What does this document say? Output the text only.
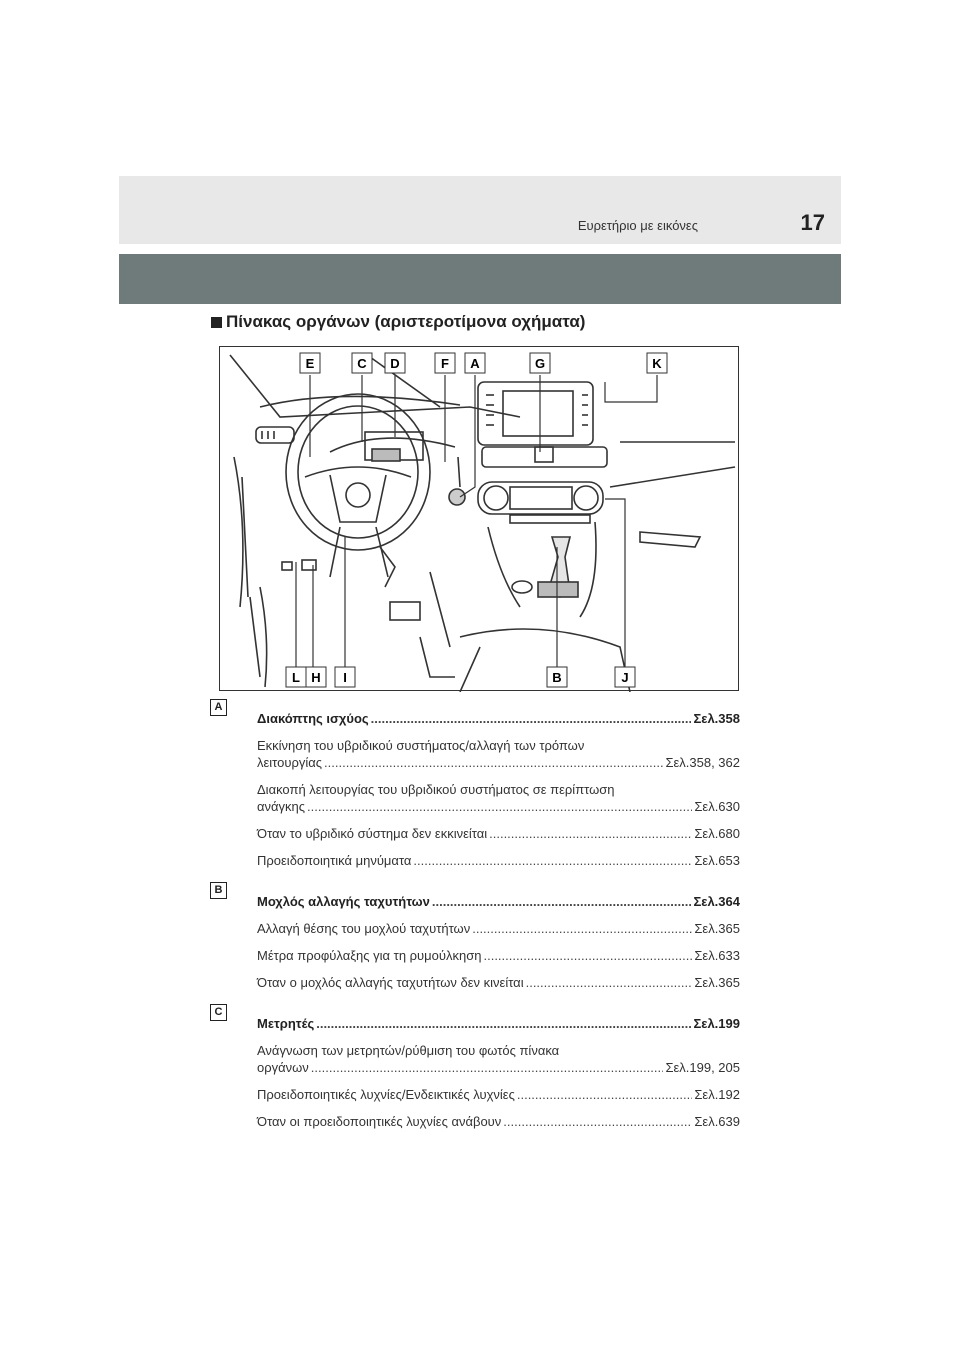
Ευρετήριο με εικόνες	17
Πίνακας οργάνων (αριστεροτίμονα οχήματα)
E	C D	F A	G	K
L H I	B	J
A
Διακόπτης ισχύος .....	Σελ.358
Εκκίνηση του υβριδικού συστήματος/αλλαγή των τρόπων
λειτουργίας .....	Σελ.358, 362
Διακοπή λειτουργίας του υβριδικού συστήματος σε περίπτωση
ανάγκης .....	Σελ.630
Όταν το υβριδικό σύστημα δεν εκκινείται .....	Σελ.680
Προειδοποιητικά μηνύματα .....	Σελ.653
B
Μοχλός αλλαγής ταχυτήτων .....	Σελ.364
Αλλαγή θέσης του μοχλού ταχυτήτων .....	Σελ.365
Μέτρα προφύλαξης για τη ρυμούλκηση .....	Σελ.633
Όταν ο μοχλός αλλαγής ταχυτήτων δεν κινείται .....	Σελ.365
C
Μετρητές .....	Σελ.199
Ανάγνωση των μετρητών/ρύθμιση του φωτός πίνακα
οργάνων .....	Σελ.199, 205
Προειδοποιητικές λυχνίες/Ενδεικτικές λυχνίες .....	Σελ.192
Όταν οι προειδοποιητικές λυχνίες ανάβουν .....	Σελ.639
